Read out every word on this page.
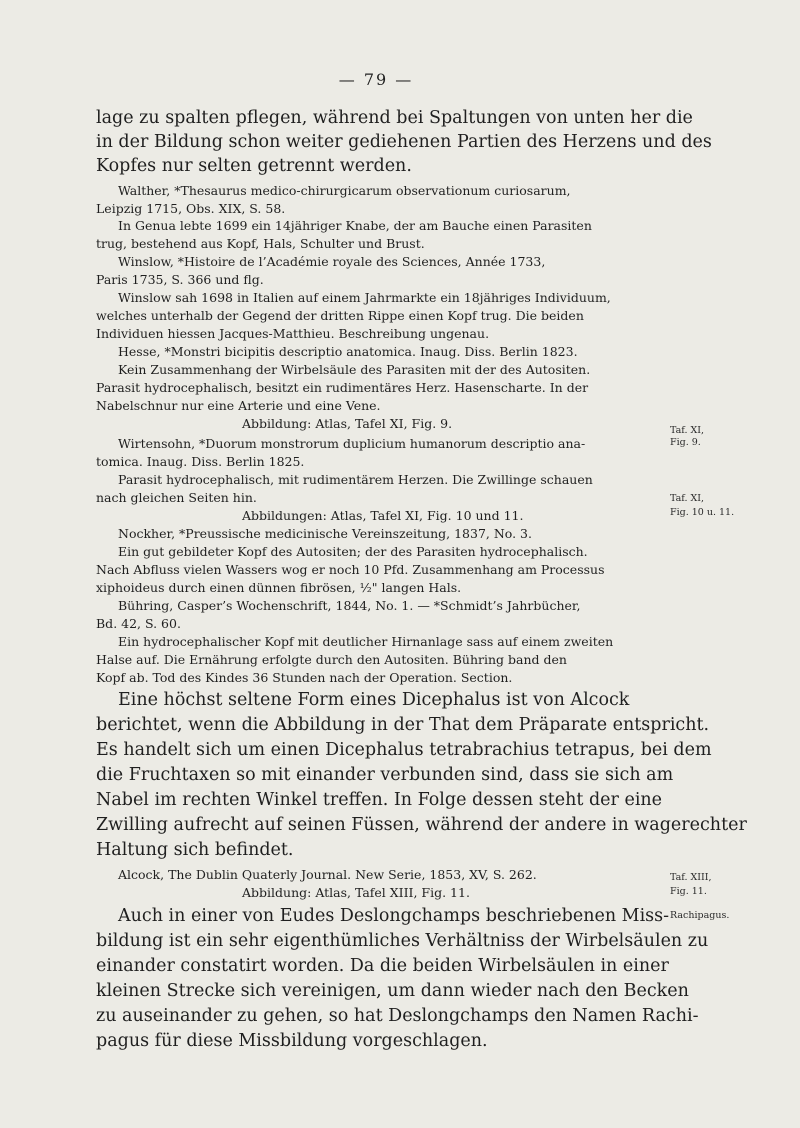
— 79 —
lage zu spalten pflegen, während bei Spaltungen von unten her die
in der Bildung schon weiter gediehenen Partien des Herzens und des
Kopfes nur selten getrennt werden.
Walther, *Thesaurus medico-chirurgicarum observationum curiosarum,
Leipzig 1715, Obs. XIX, S. 58.
In Genua lebte 1699 ein 14jähriger Knabe, der am Bauche einen Parasiten
trug, bestehend aus Kopf, Hals, Schulter und Brust.
Winslow, *Histoire de l’Académie royale des Sciences, Année 1733,
Paris 1735, S. 366 und flg.
Winslow sah 1698 in Italien auf einem Jahrmarkte ein 18jähriges Individuum,
welches unterhalb der Gegend der dritten Rippe einen Kopf trug. Die beiden
Individuen hiessen Jacques-Matthieu. Beschreibung ungenau.
Hesse, *Monstri bicipitis descriptio anatomica. Inaug. Diss. Berlin 1823.
Kein Zusammenhang der Wirbelsäule des Parasiten mit der des Autositen.
Parasit hydrocephalisch, besitzt ein rudimentäres Herz. Hasenscharte. In der
Nabelschnur nur eine Arterie und eine Vene.
Abbildung: Atlas, Tafel XI, Fig. 9.
Wirtensohn, *Duorum monstrorum duplicium humanorum descriptio ana-
tomica. Inaug. Diss. Berlin 1825.
Parasit hydrocephalisch, mit rudimentärem Herzen. Die Zwillinge schauen
nach gleichen Seiten hin.
Abbildungen: Atlas, Tafel XI, Fig. 10 und 11.
Nockher, *Preussische medicinische Vereinszeitung, 1837, No. 3.
Ein gut gebildeter Kopf des Autositen; der des Parasiten hydrocephalisch.
Nach Abfluss vielen Wassers wog er noch 10 Pfd. Zusammenhang am Processus
xiphoideus durch einen dünnen fibrösen, ½" langen Hals.
Bühring, Casper’s Wochenschrift, 1844, No. 1. — *Schmidt’s Jahrbücher,
Bd. 42, S. 60.
Ein hydrocephalischer Kopf mit deutlicher Hirnanlage sass auf einem zweiten
Halse auf. Die Ernährung erfolgte durch den Autositen. Bühring band den
Kopf ab. Tod des Kindes 36 Stunden nach der Operation. Section.
Eine höchst seltene Form eines Dicephalus ist von Alcock
berichtet, wenn die Abbildung in der That dem Präparate entspricht.
Es handelt sich um einen Dicephalus tetrabrachius tetrapus, bei dem
die Fruchtaxen so mit einander verbunden sind, dass sie sich am
Nabel im rechten Winkel treffen. In Folge dessen steht der eine
Zwilling aufrecht auf seinen Füssen, während der andere in wagerechter
Haltung sich befindet.
Alcock, The Dublin Quaterly Journal. New Serie, 1853, XV, S. 262.
Abbildung: Atlas, Tafel XIII, Fig. 11.
Auch in einer von Eudes Deslongchamps beschriebenen Miss-
bildung ist ein sehr eigenthümliches Verhältniss der Wirbelsäulen zu
einander constatirt worden. Da die beiden Wirbelsäulen in einer
kleinen Strecke sich vereinigen, um dann wieder nach den Becken
zu auseinander zu gehen, so hat Deslongchamps den Namen Rachi-
pagus für diese Missbildung vorgeschlagen.
Taf. XI,
Fig. 9.
Taf. XI,
Fig. 10 u. 11.
Taf. XIII,
Fig. 11.
Rachipagus.
